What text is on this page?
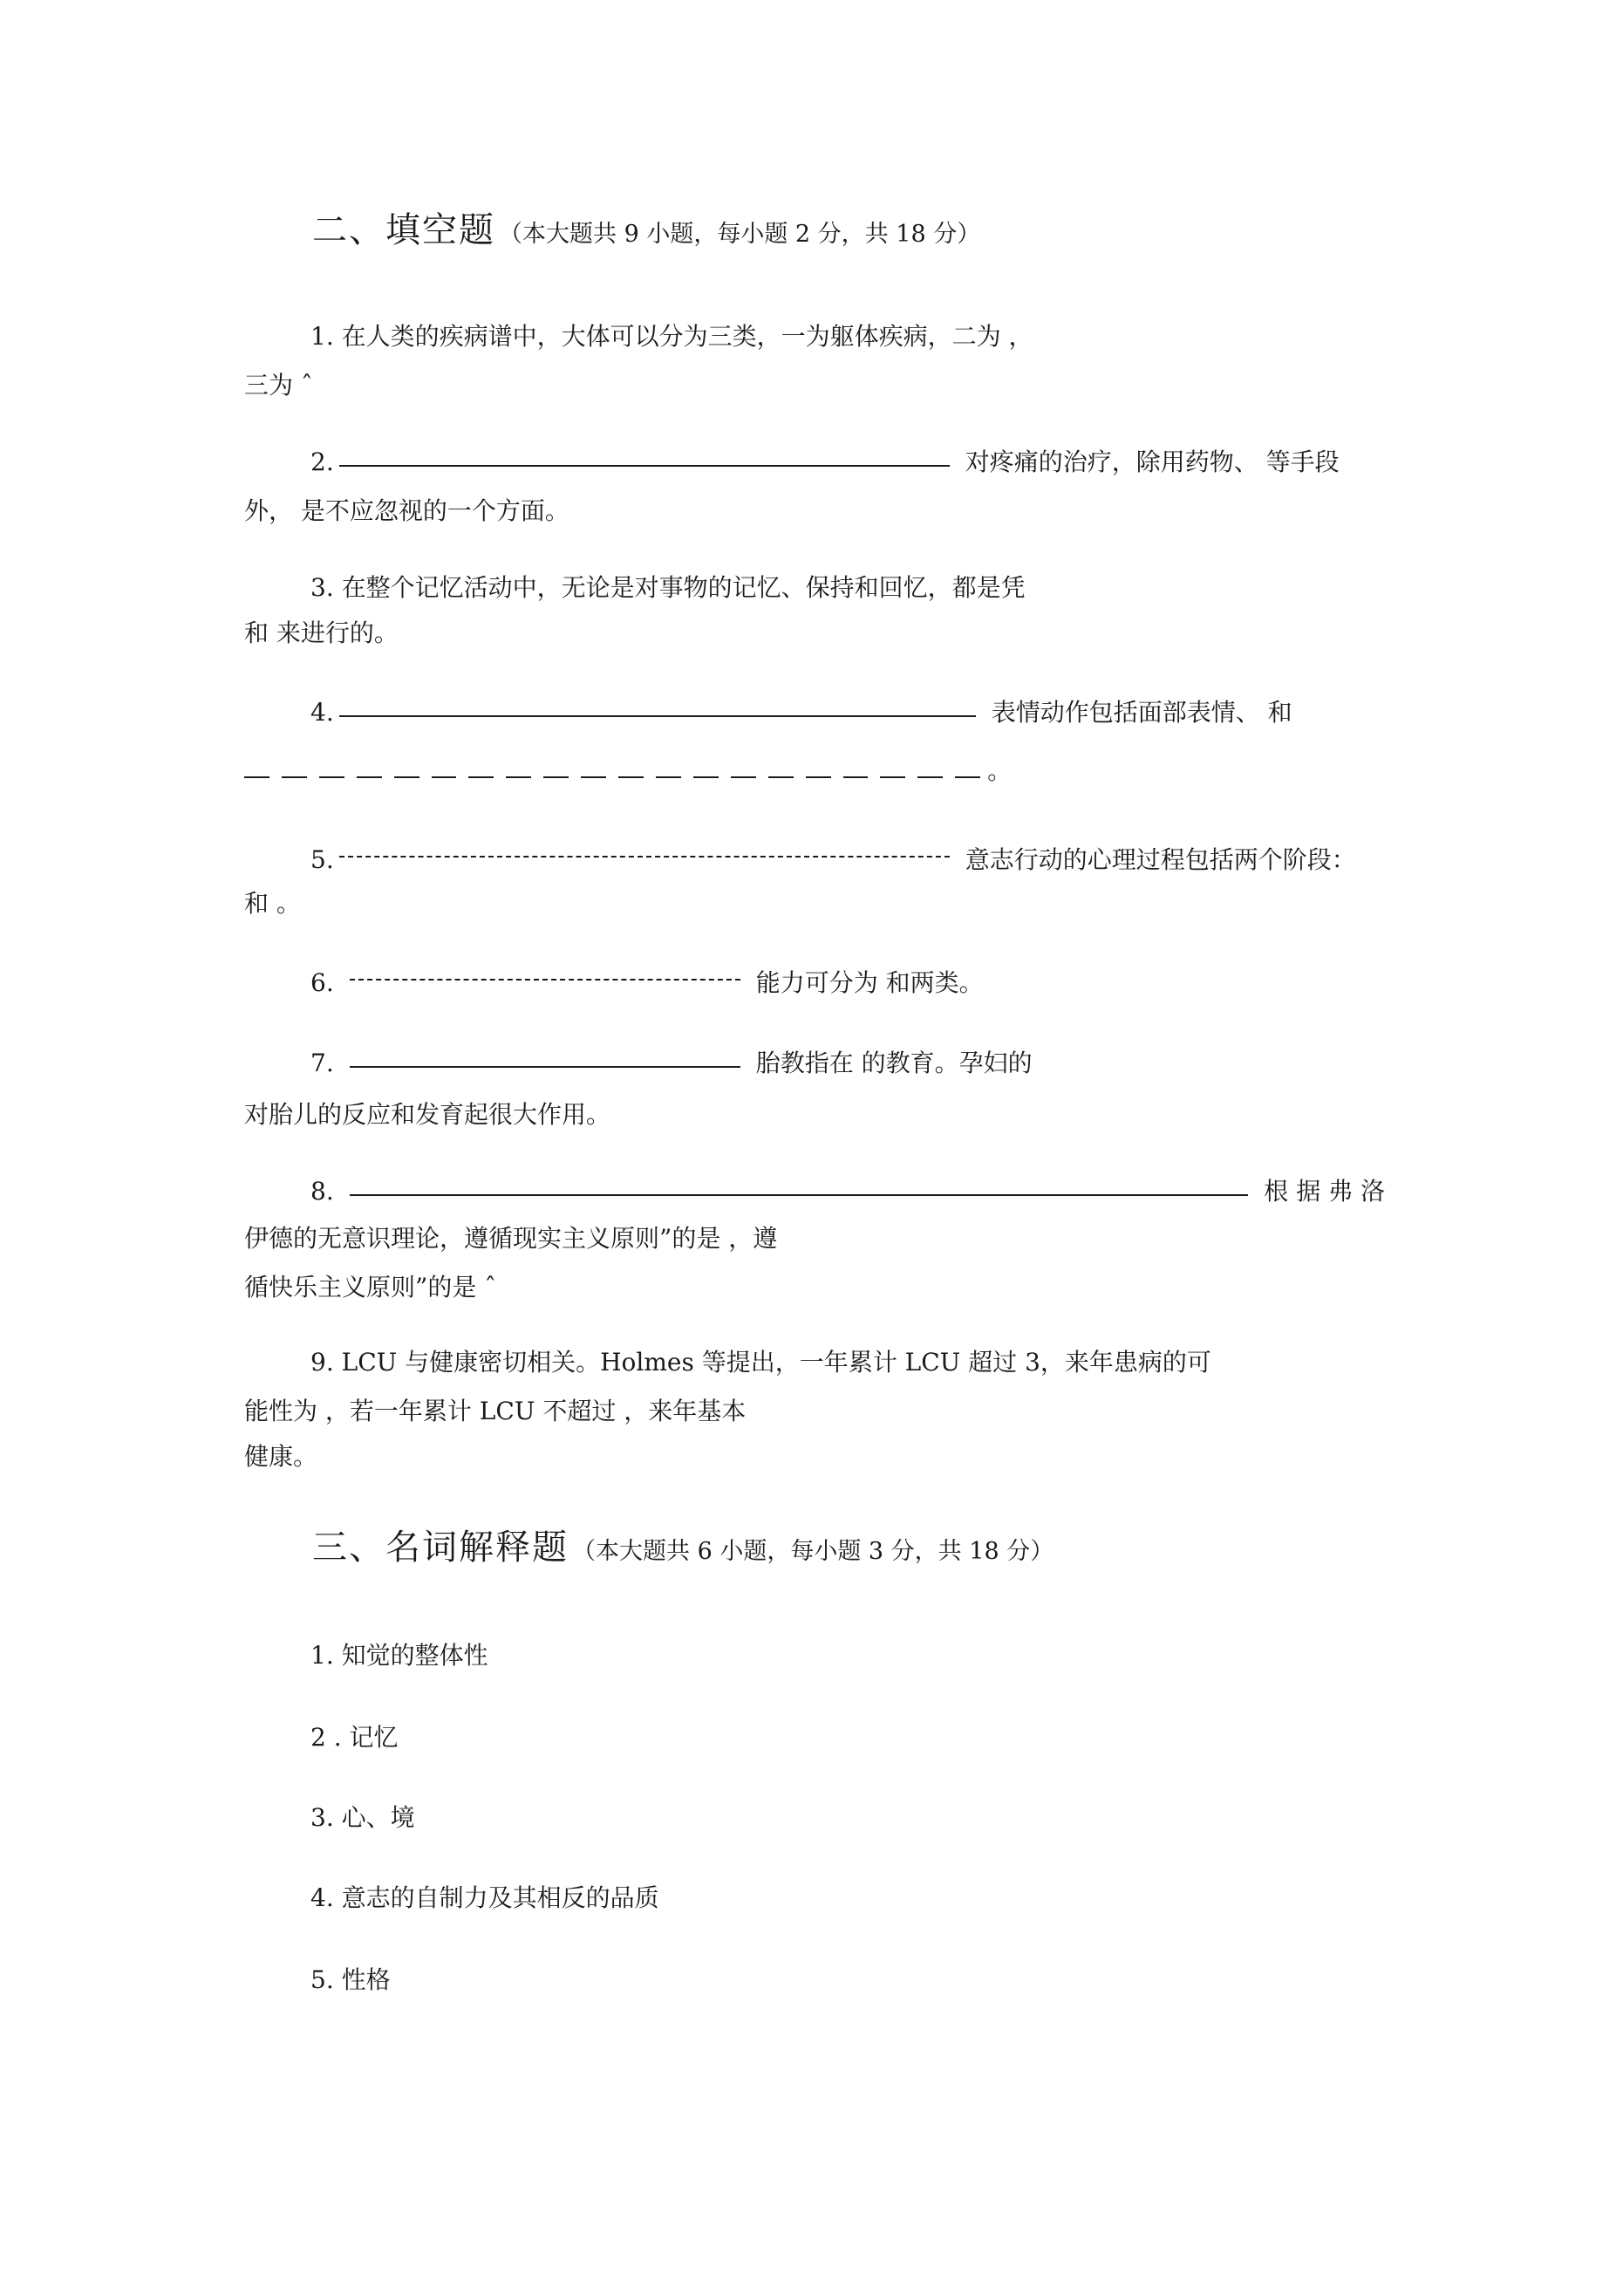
二、填空题 （本大题共 9 小题，每小题 2 分，共 18 分）
1. 在人类的疾病谱中，大体可以分为三类，一为躯体疾病，二为 ，
三为 ˆ
2.	对疼痛的治疗，除用药物、 等手段
外， 是不应忽视的一个方面。
3. 在整个记忆活动中，无论是对事物的记忆、保持和回忆，都是凭
和 来进行的。
4.	表情动作包括面部表情、 和
。
5.	意志行动的心理过程包括两个阶段：
和 。
6.	能力可分为 和两类。
7.	胎教指在 的教育。孕妇的
对胎儿的反应和发育起很大作用。
8.	根 据 弗 洛
伊德的无意识理论，遵循现实主义原则”的是 ，遵
循快乐主义原则”的是 ˆ
9. LCU 与健康密切相关。Holmes 等提出，一年累计 LCU 超过 3，来年患病的可
能性为 ，若一年累计 LCU 不超过 ，来年基本
健康。
三、名词解释题 （本大题共 6 小题，每小题 3 分，共 18 分）
1. 知觉的整体性
2 . 记忆
3. 心、境
4. 意志的自制力及其相反的品质
5. 性格
